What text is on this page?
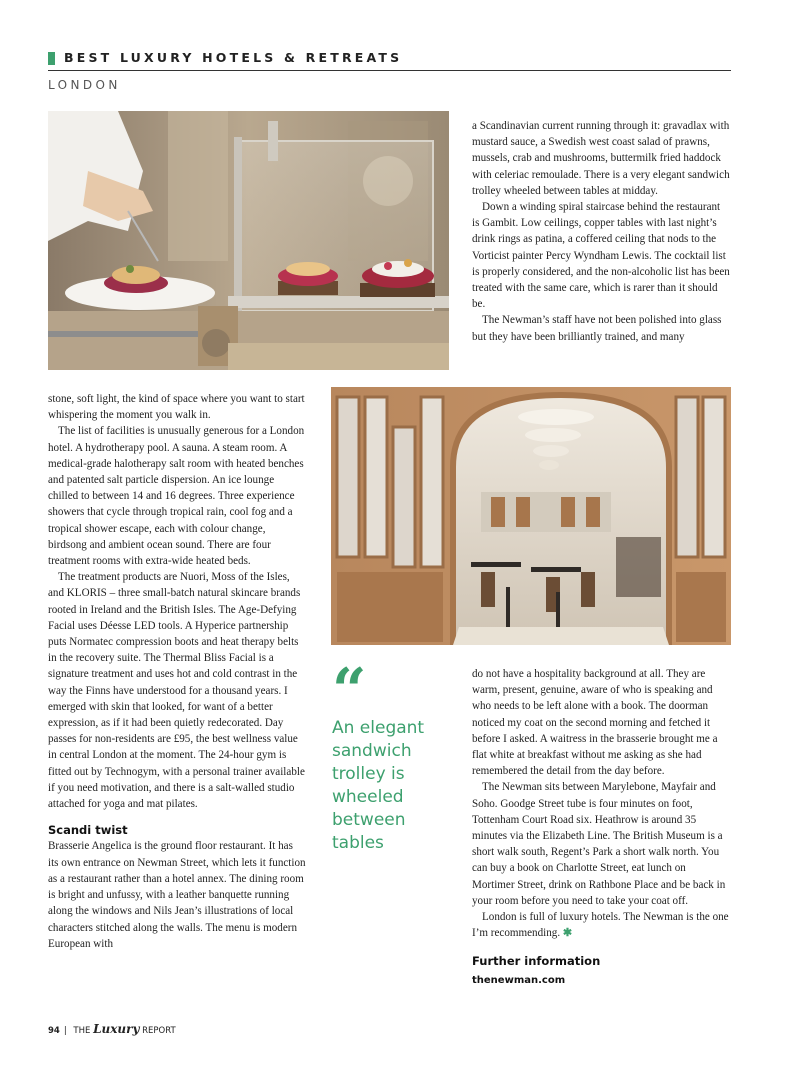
BEST LUXURY HOTELS & RETREATS
LONDON

a Scandinavian current running through it: gravadlax with mustard sauce, a Swedish west coast salad of prawns, mussels, crab and mushrooms, buttermilk fried haddock with celeriac remoulade. There is a very elegant sandwich trolley wheeled between tables at midday.

Down a winding spiral staircase behind the restaurant is Gambit. Low ceilings, copper tables with last night’s drink rings as patina, a coffered ceiling that nods to the Vorticist painter Percy Wyndham Lewis. The cocktail list is properly considered, and the non-alcoholic list has been treated with the same care, which is rarer than it should be.

The Newman’s staff have not been polished into glass but they have been brilliantly trained, and many

stone, soft light, the kind of space where you want to start whispering the moment you walk in.

The list of facilities is unusually generous for a London hotel. A hydrotherapy pool. A sauna. A steam room. A medical-grade halotherapy salt room with heated benches and patented salt particle dispersion. An ice lounge chilled to between 14 and 16 degrees. Three experience showers that cycle through tropical rain, cool fog and a tropical shower escape, each with colour change, birdsong and ambient ocean sound. There are four treatment rooms with extra-wide heated beds.

The treatment products are Nuori, Moss of the Isles, and KLORIS – three small-batch natural skincare brands rooted in Ireland and the British Isles. The Age-Defying Facial uses Déesse LED tools. A Hyperice partnership puts Normatec compression boots and heat therapy belts in the recovery suite. The Thermal Bliss Facial is a signature treatment and uses hot and cold contrast in the way the Finns have understood for a thousand years. I emerged with skin that looked, for want of a better expression, as if it had been quietly redecorated. Day passes for non-residents are £95, the best wellness value in central London at the moment. The 24-hour gym is fitted out by Technogym, with a personal trainer available if you need motivation, and there is a salt-walled studio attached for yoga and mat pilates.

Scandi twist

Brasserie Angelica is the ground floor restaurant. It has its own entrance on Newman Street, which lets it function as a restaurant rather than a hotel annex. The dining room is bright and unfussy, with a leather banquette running along the windows and Nils Jean’s illustrations of local characters stitched along the walls. The menu is modern European with

“
An elegant sandwich trolley is wheeled between tables

do not have a hospitality background at all. They are warm, present, genuine, aware of who is speaking and who needs to be left alone with a book. The doorman noticed my coat on the second morning and fetched it before I asked. A waitress in the brasserie brought me a flat white at breakfast without me asking as she had remembered the detail from the day before.

The Newman sits between Marylebone, Mayfair and Soho. Goodge Street tube is four minutes on foot, Tottenham Court Road six. Heathrow is around 35 minutes via the Elizabeth Line. The British Museum is a short walk south, Regent’s Park a short walk north. You can buy a book on Charlotte Street, eat lunch on Mortimer Street, drink on Rathbone Place and be back in your room before you need to take your coat off.

London is full of luxury hotels. The Newman is the one I’m recommending. ✱

Further information
thenewman.com
94 | THE Luxury REPORT
